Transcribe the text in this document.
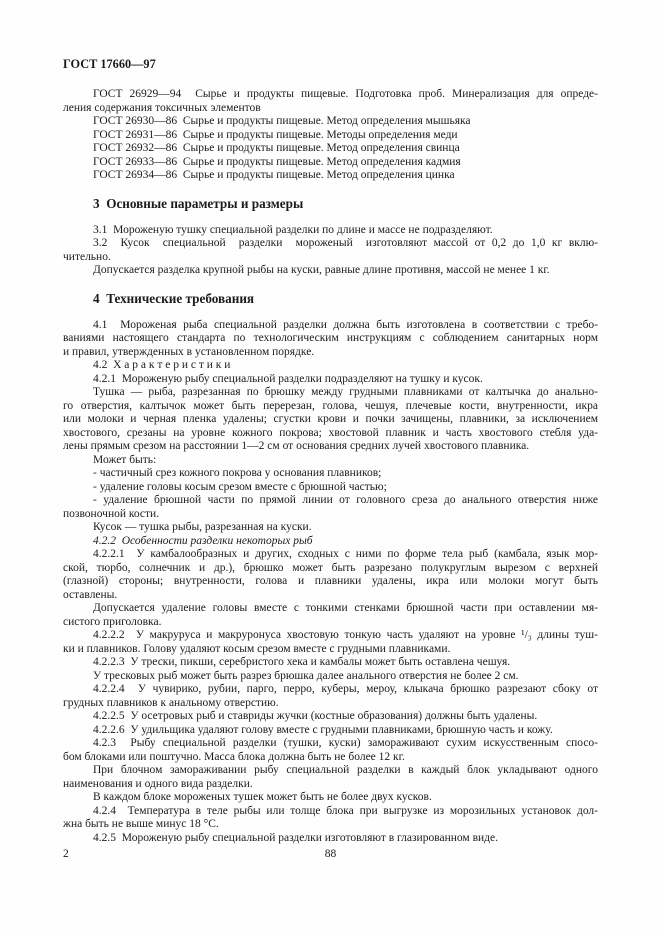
ГОСТ 17660—97
ГОСТ 26929—94  Сырье и продукты пищевые. Подготовка проб. Минерализация для опреде-
ления содержания токсичных элементов
ГОСТ 26930—86  Сырье и продукты пищевые. Метод определения мышьяка
ГОСТ 26931—86  Сырье и продукты пищевые. Методы определения меди
ГОСТ 26932—86  Сырье и продукты пищевые. Метод определения свинца
ГОСТ 26933—86  Сырье и продукты пищевые. Метод определения кадмия
ГОСТ 26934—86  Сырье и продукты пищевые. Метод определения цинка
3  Основные параметры и размеры
3.1  Мороженую тушку специальной разделки по длине и массе не подразделяют.
3.2  Кусок  специальной  разделки  мороженый  изготовляют массой от 0,2 до 1,0 кг вклю-
чительно.
Допускается разделка крупной рыбы на куски, равные длине противня, массой не менее 1 кг.
4  Технические требования
4.1  Мороженая рыба специальной разделки должна быть изготовлена в соответствии с требо-
ваниями настоящего стандарта по технологическим инструкциям с соблюдением санитарных норм
и правил, утвержденных в установленном порядке.
4.2  Х а р а к т е р и с т и к и
4.2.1  Мороженую рыбу специальной разделки подразделяют на тушку и кусок.
Тушка — рыба, разрезанная по брюшку между грудными плавниками от калтычка до анально-
го отверстия, калтычок может быть перерезан, голова, чешуя, плечевые кости, внутренности, икра
или молоки и черная пленка удалены; сгустки крови и почки зачищены, плавники, за исключением
хвостового, срезаны на уровне кожного покрова; хвостовой плавник и часть хвостового стебля уда-
лены прямым срезом на расстоянии 1—2 см от основания средних лучей хвостового плавника.
Может быть:
- частичный срез кожного покрова у основания плавников;
- удаление головы косым срезом вместе с брюшной частью;
- удаление брюшной части по прямой линии от головного среза до анального отверстия ниже
позвоночной кости.
Кусок — тушка рыбы, разрезанная на куски.
4.2.2  Особенности разделки некоторых рыб
4.2.2.1  У камбалообразных и других, сходных с ними по форме тела рыб (камбала, язык мор-
ской, тюрбо, солнечник и др.), брюшко может быть разрезано полукруглым вырезом с верхней
(глазной) стороны; внутренности, голова и плавники удалены, икра или молоки могут быть
оставлены.
Допускается удаление головы вместе с тонкими стенками брюшной части при оставлении мя-
систого приголовка.
4.2.2.2  У макруруса и макруронуса хвостовую тонкую часть удаляют на уровне ¹/₃ длины туш-
ки и плавников. Голову удаляют косым срезом вместе с грудными плавниками.
4.2.2.3  У трески, пикши, серебристого хека и камбалы может быть оставлена чешуя.
У тресковых рыб может быть разрез брюшка далее анального отверстия не более 2 см.
4.2.2.4  У чувирико, рубии, парго, перро, куберы, мероу, клыкача брюшко разрезают сбоку от
грудных плавников к анальному отверстию.
4.2.2.5  У осетровых рыб и ставриды жучки (костные образования) должны быть удалены.
4.2.2.6  У удильщика удаляют голову вместе с грудными плавниками, брюшную часть и кожу.
4.2.3  Рыбу специальной разделки (тушки, куски) замораживают сухим искусственным спосо-
бом блоками или поштучно. Масса блока должна быть не более 12 кг.
При блочном замораживании рыбу специальной разделки в каждый блок укладывают одного
наименования и одного вида разделки.
В каждом блоке мороженых тушек может быть не более двух кусков.
4.2.4  Температура в теле рыбы или толще блока при выгрузке из морозильных установок дол-
жна быть не выше минус 18 °С.
4.2.5  Мороженую рыбу специальной разделки изготовляют в глазированном виде.
2	88
